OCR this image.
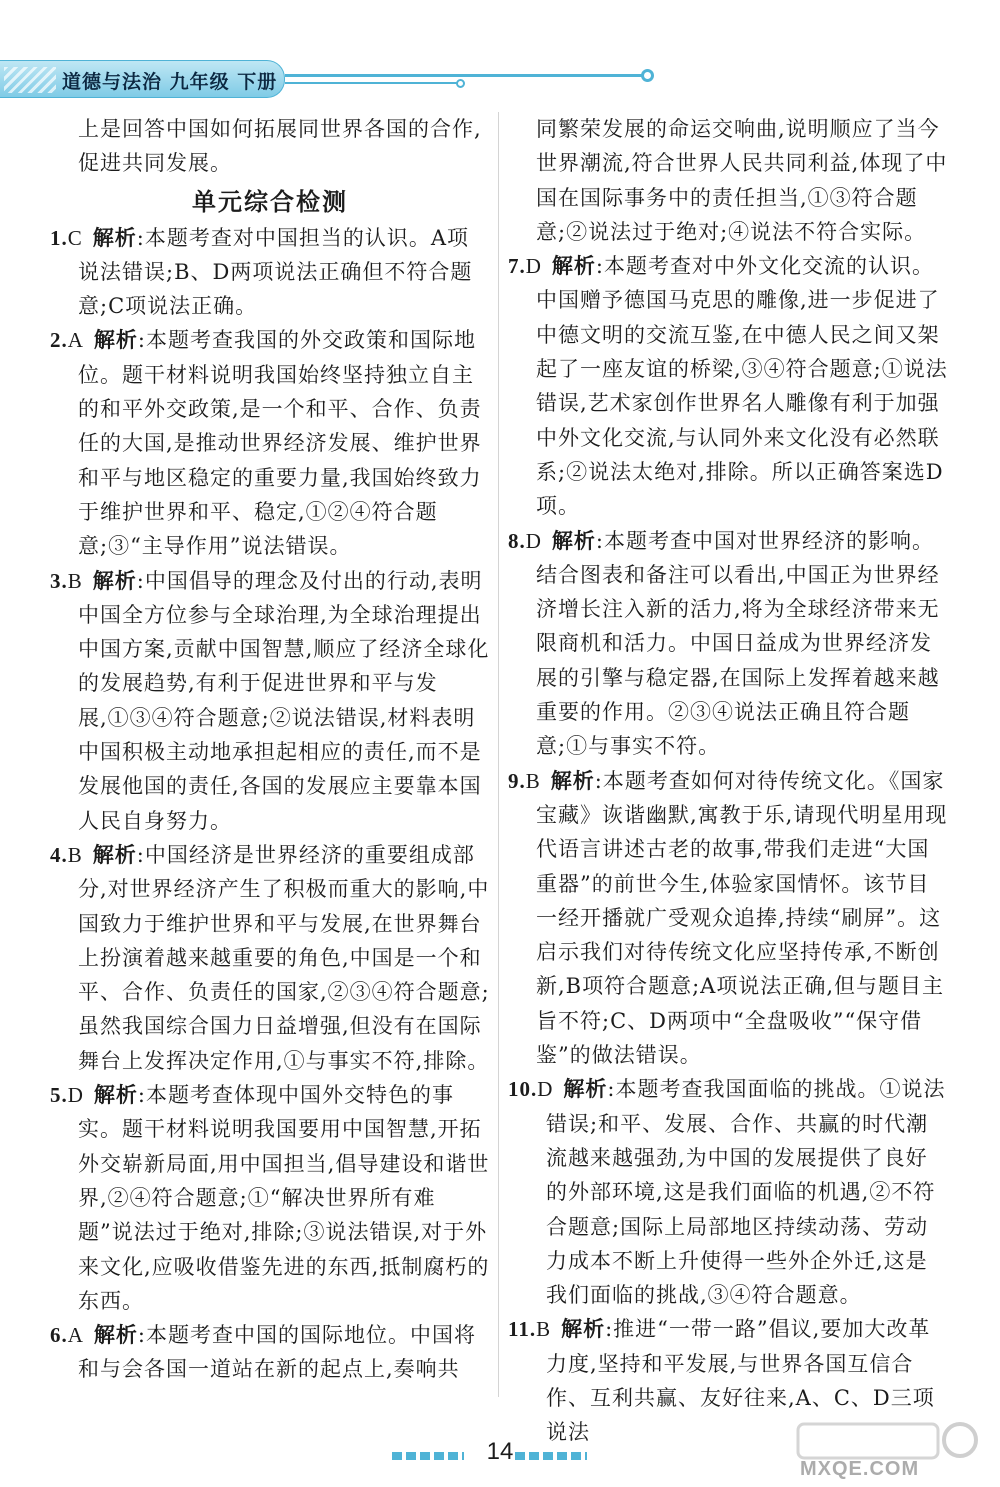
道德与法治 九年级 下册

上是回答中国如何拓展同世界各国的合作,促进共同发展。

单元综合检测

1.C 解析:本题考查对中国担当的认识。A项说法错误;B、D两项说法正确但不符合题意;C项说法正确。

2.A 解析:本题考查我国的外交政策和国际地位。题干材料说明我国始终坚持独立自主的和平外交政策,是一个和平、合作、负责任的大国,是推动世界经济发展、维护世界和平与地区稳定的重要力量,我国始终致力于维护世界和平、稳定,①②④符合题意;③“主导作用”说法错误。

3.B 解析:中国倡导的理念及付出的行动,表明中国全方位参与全球治理,为全球治理提出中国方案,贡献中国智慧,顺应了经济全球化的发展趋势,有利于促进世界和平与发展,①③④符合题意;②说法错误,材料表明中国积极主动地承担起相应的责任,而不是发展他国的责任,各国的发展应主要靠本国人民自身努力。

4.B 解析:中国经济是世界经济的重要组成部分,对世界经济产生了积极而重大的影响,中国致力于维护世界和平与发展,在世界舞台上扮演着越来越重要的角色,中国是一个和平、合作、负责任的国家,②③④符合题意;虽然我国综合国力日益增强,但没有在国际舞台上发挥决定作用,①与事实不符,排除。

5.D 解析:本题考查体现中国外交特色的事实。题干材料说明我国要用中国智慧,开拓外交崭新局面,用中国担当,倡导建设和谐世界,②④符合题意;①“解决世界所有难题”说法过于绝对,排除;③说法错误,对于外来文化,应吸收借鉴先进的东西,抵制腐朽的东西。

6.A 解析:本题考查中国的国际地位。中国将和与会各国一道站在新的起点上,奏响共

同繁荣发展的命运交响曲,说明顺应了当今世界潮流,符合世界人民共同利益,体现了中国在国际事务中的责任担当,①③符合题意;②说法过于绝对;④说法不符合实际。

7.D 解析:本题考查对中外文化交流的认识。中国赠予德国马克思的雕像,进一步促进了中德文明的交流互鉴,在中德人民之间又架起了一座友谊的桥梁,③④符合题意;①说法错误,艺术家创作世界名人雕像有利于加强中外文化交流,与认同外来文化没有必然联系;②说法太绝对,排除。所以正确答案选D项。

8.D 解析:本题考查中国对世界经济的影响。结合图表和备注可以看出,中国正为世界经济增长注入新的活力,将为全球经济带来无限商机和活力。中国日益成为世界经济发展的引擎与稳定器,在国际上发挥着越来越重要的作用。②③④说法正确且符合题意;①与事实不符。

9.B 解析:本题考查如何对待传统文化。《国家宝藏》诙谐幽默,寓教于乐,请现代明星用现代语言讲述古老的故事,带我们走进“大国重器”的前世今生,体验家国情怀。该节目一经开播就广受观众追捧,持续“刷屏”。这启示我们对待传统文化应坚持传承,不断创新,B项符合题意;A项说法正确,但与题目主旨不符;C、D两项中“全盘吸收”“保守借鉴”的做法错误。

10.D 解析:本题考查我国面临的挑战。①说法错误;和平、发展、合作、共赢的时代潮流越来越强劲,为中国的发展提供了良好的外部环境,这是我们面临的机遇,②不符合题意;国际上局部地区持续动荡、劳动力成本不断上升使得一些外企外迁,这是我们面临的挑战,③④符合题意。

11.B 解析:推进“一带一路”倡议,要加大改革力度,坚持和平发展,与世界各国互信合作、互利共赢、友好往来,A、C、D三项说法

14
MXQE.COM
